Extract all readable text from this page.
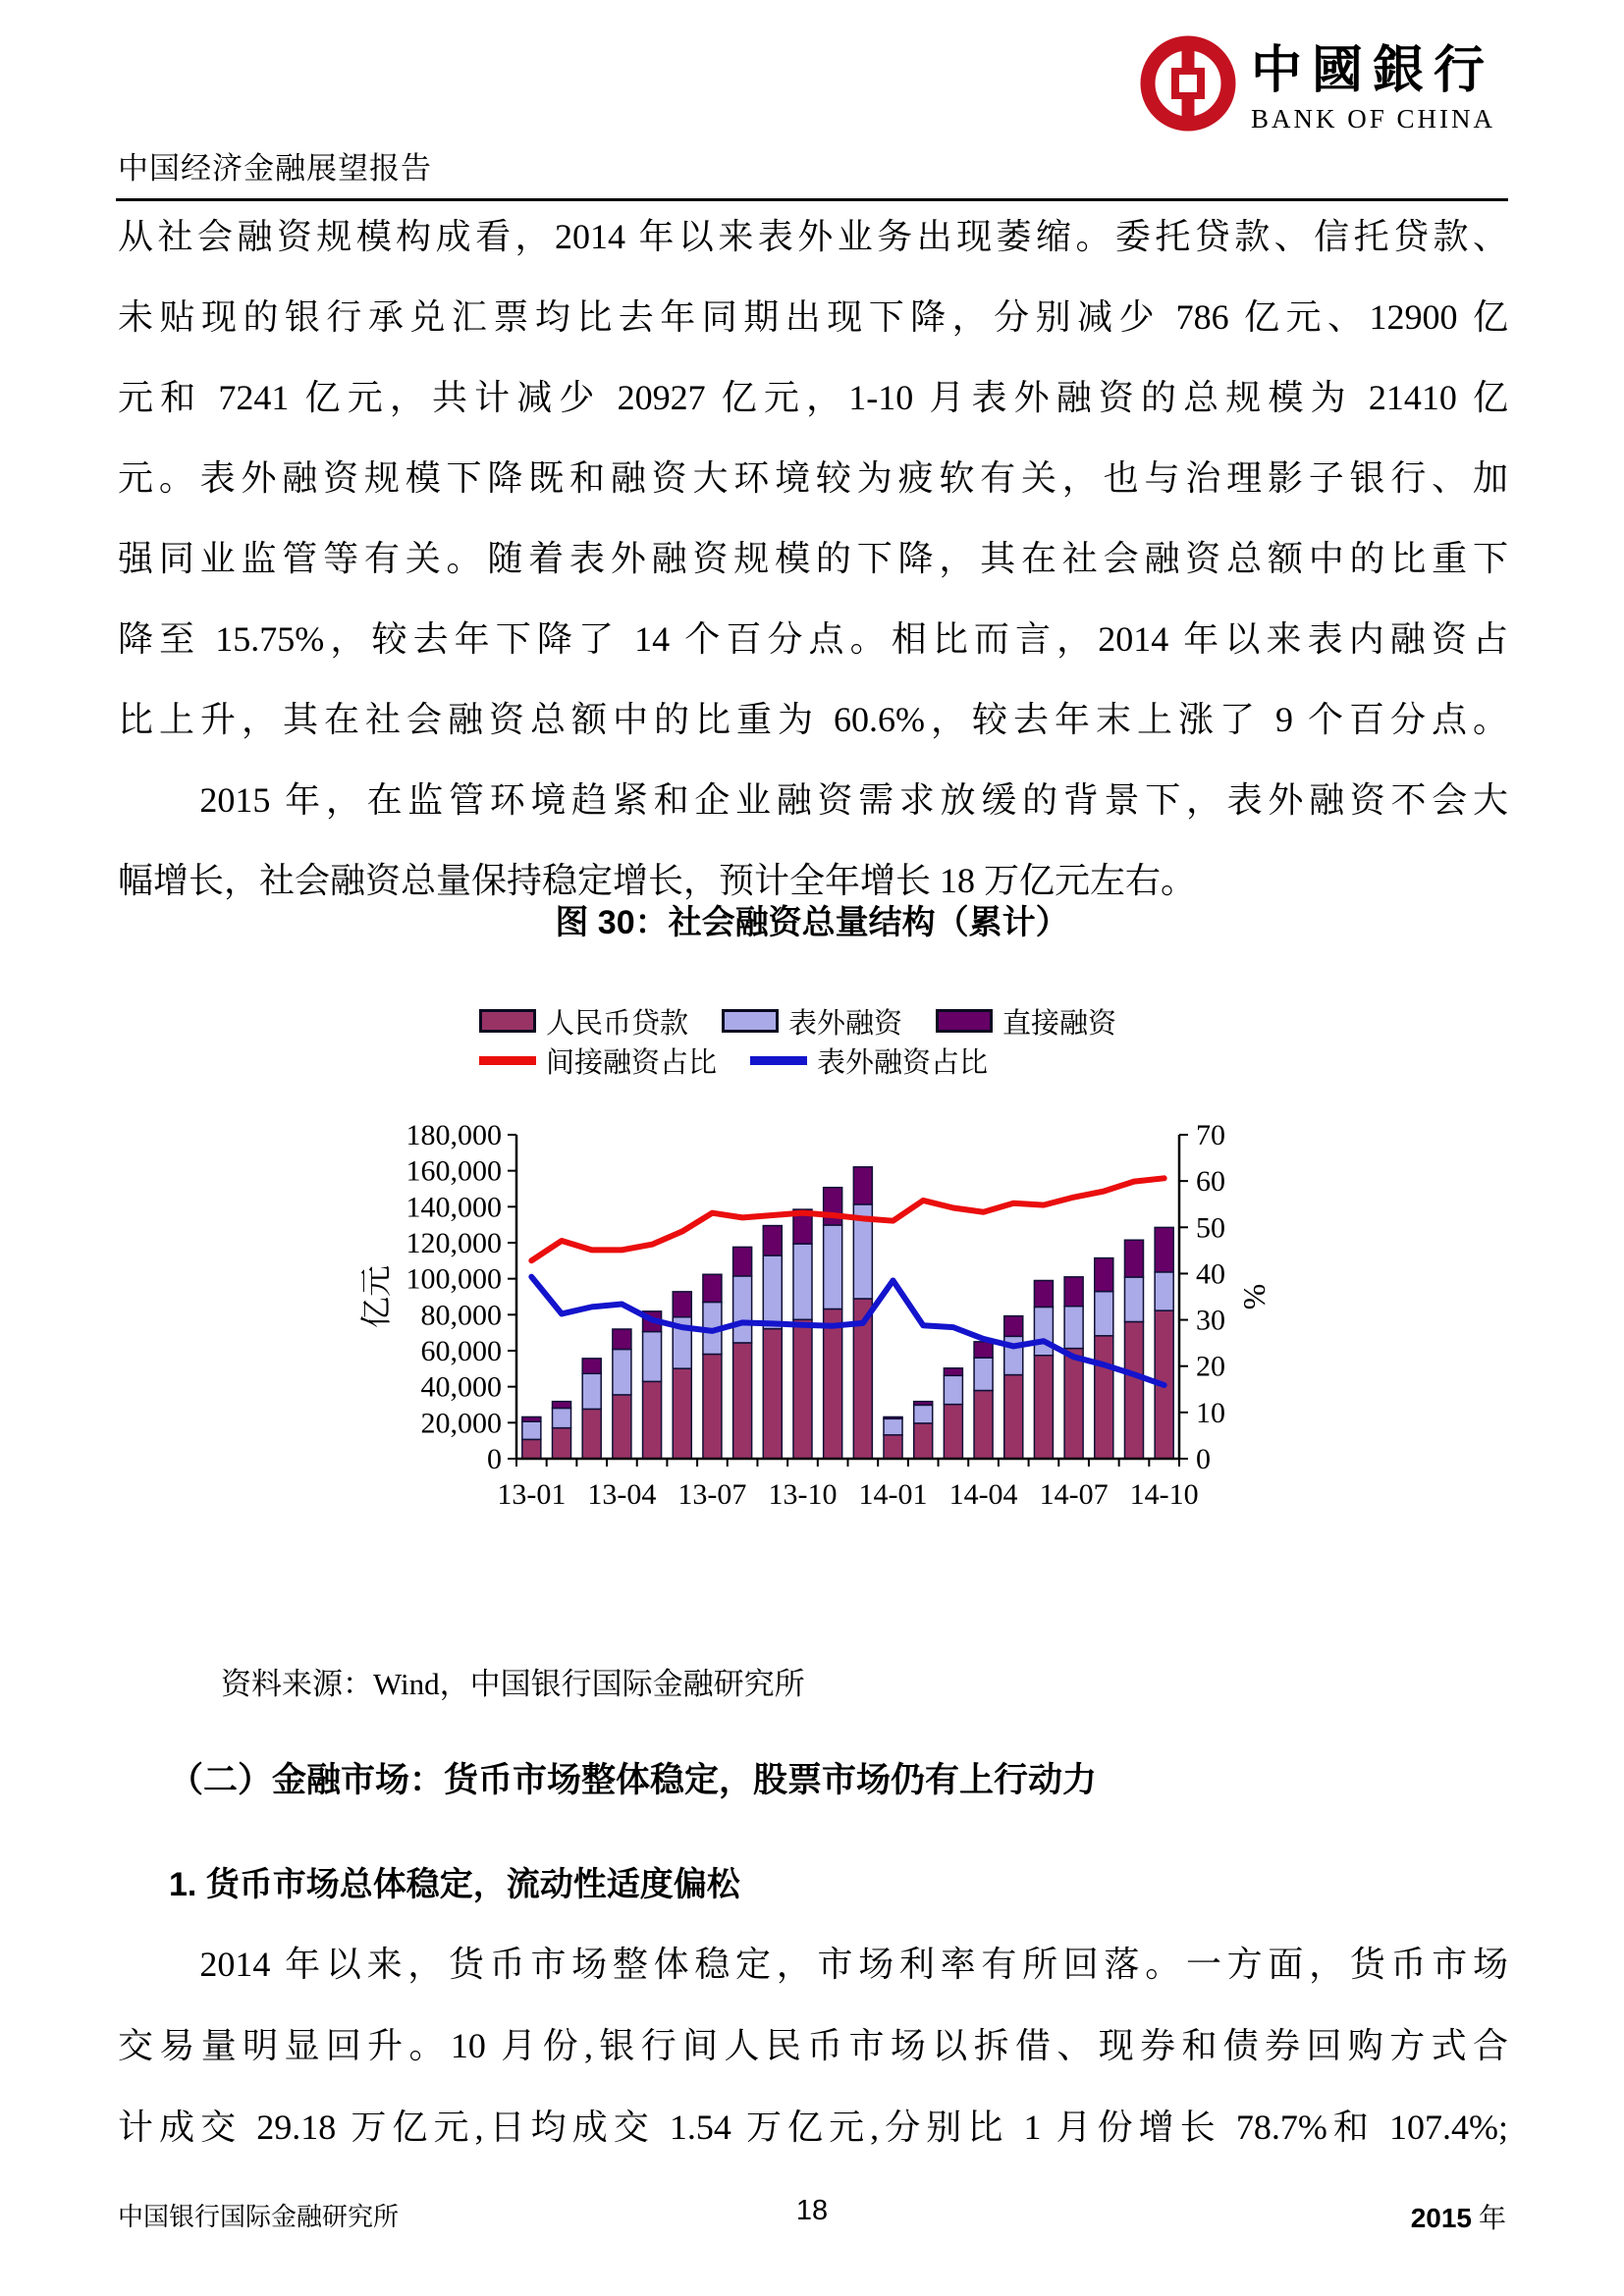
中国经济金融展望报告
中國銀行
BANK OF CHINA
从社会融资规模构成看，2014 年以来表外业务出现萎缩。委托贷款、信托贷款、
未贴现的银行承兑汇票均比去年同期出现下降，分别减少 786 亿元、12900 亿
元和 7241 亿元，共计减少 20927 亿元，1-10 月表外融资的总规模为 21410 亿
元。表外融资规模下降既和融资大环境较为疲软有关，也与治理影子银行、加
强同业监管等有关。随着表外融资规模的下降，其在社会融资总额中的比重下
降至 15.75%，较去年下降了 14 个百分点。相比而言，2014 年以来表内融资占
比上升，其在社会融资总额中的比重为 60.6%，较去年末上涨了 9 个百分点。
　　2015 年，在监管环境趋紧和企业融资需求放缓的背景下，表外融资不会大
幅增长，社会融资总量保持稳定增长，预计全年增长 18 万亿元左右。
图 30：社会融资总量结构（累计）
人民币贷款	表外融资	直接融资
间接融资占比	表外融资占比
0
20,000
40,000
60,000
80,000
100,000
120,000
140,000
160,000
180,000
0
10
20
30
40
50
60
70
13-01 13-04 13-07 13-10 14-01 14-04 14-07 14-10
亿元	%
资料来源：Wind，中国银行国际金融研究所
（二）金融市场：货币市场整体稳定，股票市场仍有上行动力
1. 货币市场总体稳定，流动性适度偏松
　　2014 年以来，货币市场整体稳定，市场利率有所回落。一方面，货币市场
交易量明显回升。10 月份,银行间人民币市场以拆借、现券和债券回购方式合
计成交 29.18 万亿元,日均成交 1.54 万亿元,分别比 1 月份增长 78.7%和 107.4%;
中国银行国际金融研究所	18	2015 年
